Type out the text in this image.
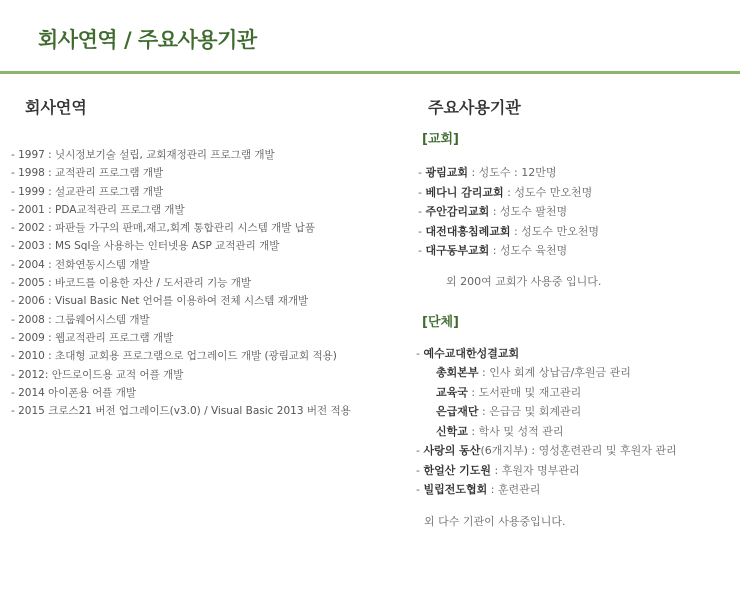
회사연역 / 주요사용기관
회사연역
- 1997 : 닛시정보기술 설립, 교회재정관리 프로그램 개발
- 1998 : 교적관리 프로그램 개발
- 1999 : 설교관리 프로그램 개발
- 2001 : PDA교적관리 프로그램 개발
- 2002 : 파판들 가구의 판매,재고,회계 통합관리 시스템 개발 납품
- 2003 : MS Sql을 사용하는 인터넷용 ASP 교적관리 개발
- 2004 : 전화연동시스템 개발
- 2005 : 바코드를 이용한 자산 / 도서관리 기능 개발
- 2006 : Visual Basic Net 언어를 이용하여 전체 시스템 재개발
- 2008 : 그룹웨어시스템 개발
- 2009 : 웹교적관리 프로그램 개발
- 2010 : 초대형 교회용 프로그램으로 업그레이드 개발 (광림교회 적용)
- 2012: 안드로이드용 교적 어플 개발
- 2014 아이폰용 어플 개발
- 2015 크로스21 버전 업그레이드(v3.0) / Visual Basic 2013 버전 적용
주요사용기관
[교회]
- 광림교회 : 성도수 : 12만명
- 베다니 감리교회 : 성도수 만오천명
- 주안감리교회 : 성도수 팔천명
- 대전대흥침례교회 : 성도수 만오천명
- 대구동부교회 : 성도수 육천명
외 200여 교회가 사용중 입니다.
[단체]
- 예수교대한성결교회
총회본부 : 인사 회계 상납금/후원금 관리
교육국 : 도서판매 및 재고관리
은급재단 : 은급금 및 회계관리
신학교 : 학사 및 성적 관리
- 사랑의 동산(6개지부) : 영성훈련관리 및 후원자 관리
- 한얼산 기도원 : 후원자 명부관리
- 빌립전도협회 : 훈련관리
외 다수 기관이 사용중입니다.
